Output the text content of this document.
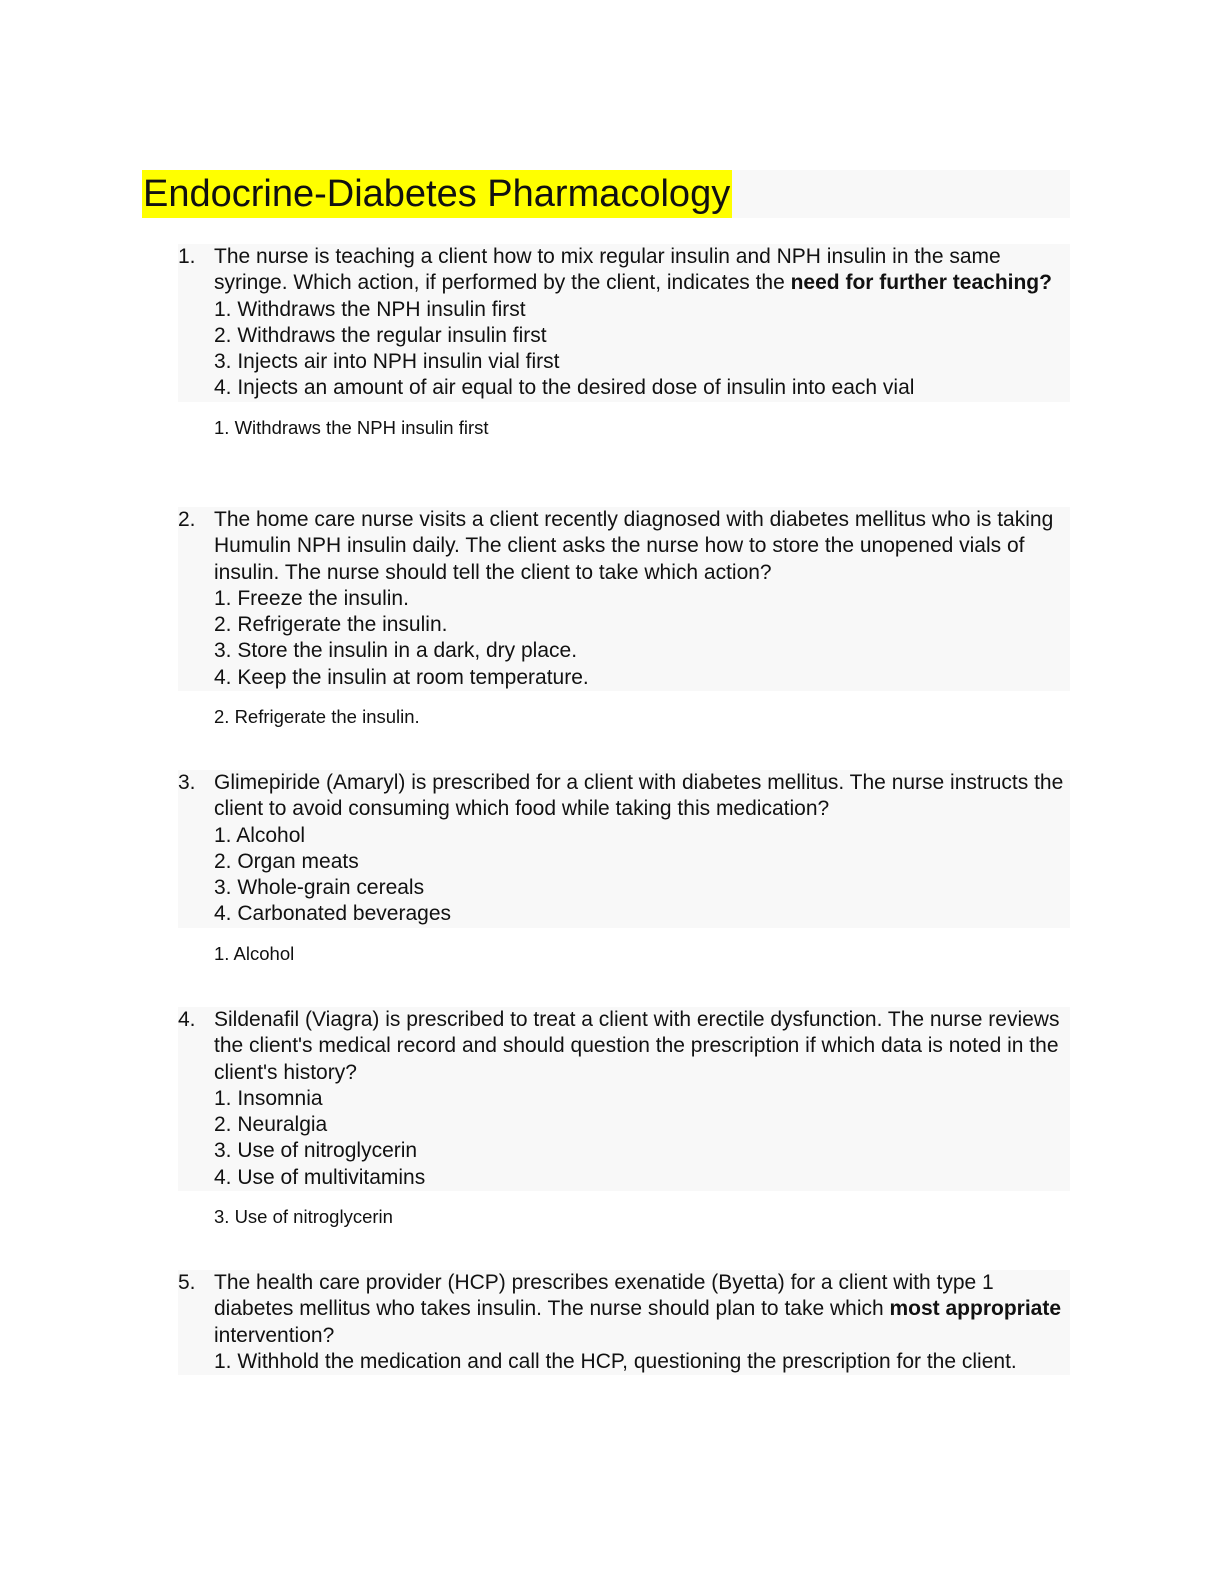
Endocrine-Diabetes Pharmacology
1. The nurse is teaching a client how to mix regular insulin and NPH insulin in the same syringe. Which action, if performed by the client, indicates the need for further teaching?
1. Withdraws the NPH insulin first
2. Withdraws the regular insulin first
3. Injects air into NPH insulin vial first
4. Injects an amount of air equal to the desired dose of insulin into each vial
1. Withdraws the NPH insulin first
2. The home care nurse visits a client recently diagnosed with diabetes mellitus who is taking Humulin NPH insulin daily. The client asks the nurse how to store the unopened vials of insulin. The nurse should tell the client to take which action?
1. Freeze the insulin.
2. Refrigerate the insulin.
3. Store the insulin in a dark, dry place.
4. Keep the insulin at room temperature.
2. Refrigerate the insulin.
3. Glimepiride (Amaryl) is prescribed for a client with diabetes mellitus. The nurse instructs the client to avoid consuming which food while taking this medication?
1. Alcohol
2. Organ meats
3. Whole-grain cereals
4. Carbonated beverages
1. Alcohol
4. Sildenafil (Viagra) is prescribed to treat a client with erectile dysfunction. The nurse reviews the client's medical record and should question the prescription if which data is noted in the client's history?
1. Insomnia
2. Neuralgia
3. Use of nitroglycerin
4. Use of multivitamins
3. Use of nitroglycerin
5. The health care provider (HCP) prescribes exenatide (Byetta) for a client with type 1 diabetes mellitus who takes insulin. The nurse should plan to take which most appropriate intervention?
1. Withhold the medication and call the HCP, questioning the prescription for the client.
